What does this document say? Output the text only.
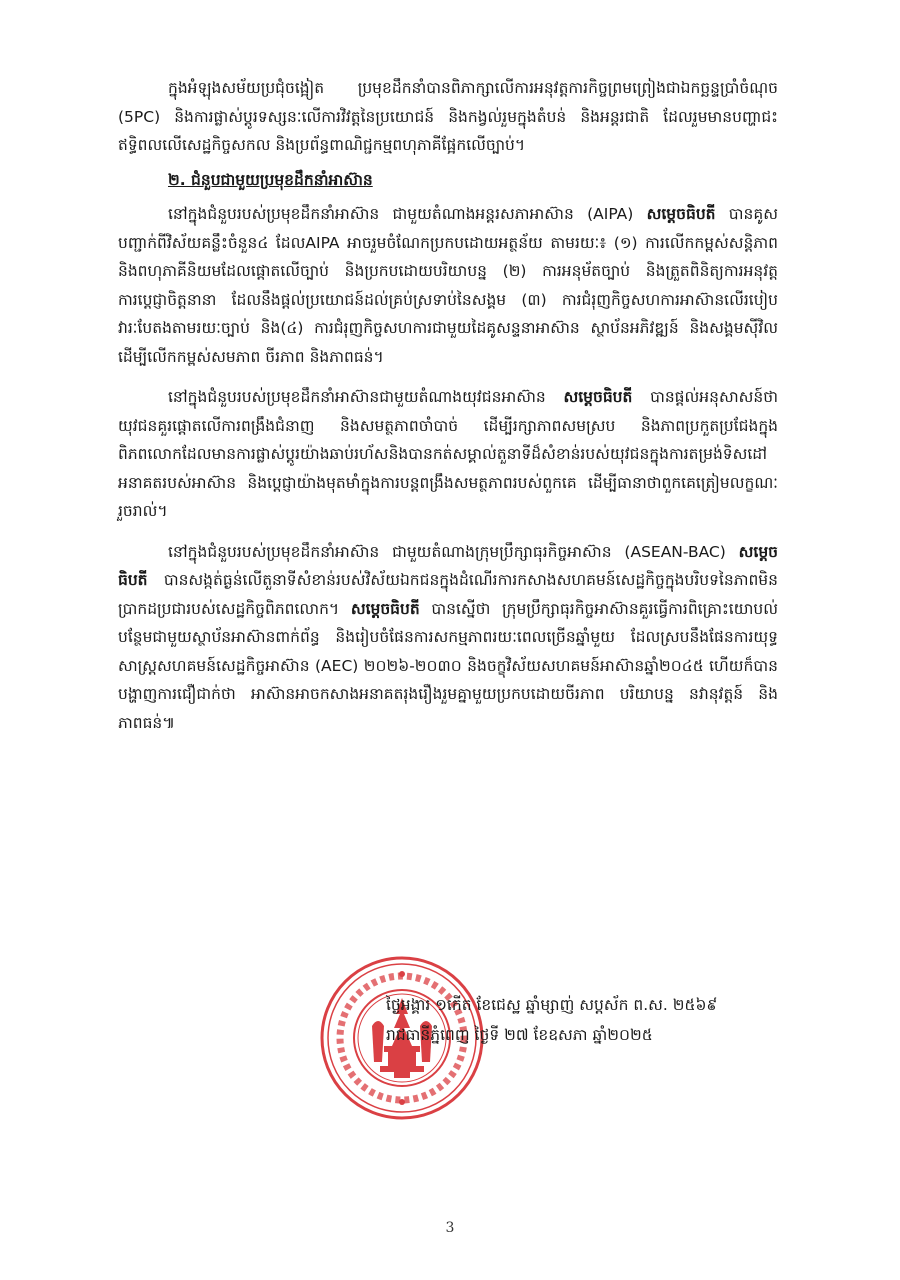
ក្នុងអំឡុងសម័យប្រជុំចង្អៀត ប្រមុខដឹកនាំបានពិភាក្សាលើការអនុវត្តការកិច្ចព្រមព្រៀងជាឯកច្ឆន្ទប្រាំចំណុច (5PC) និងការផ្លាស់ប្តូរទស្សនៈលើការវិវត្តនៃប្រយោជន៍ និងកង្វល់រួមក្នុងតំបន់ និងអន្តរជាតិ ដែលរួមមានបញ្ហាជះឥទ្ធិពលលើសេដ្ឋកិច្ចសកល និងប្រព័ន្ធពាណិជ្ជកម្មពហុភាគីផ្អែកលើច្បាប់។

២. ជំនួបជាមួយប្រមុខដឹកនាំអាស៊ាន

នៅក្នុងជំនួបរបស់ប្រមុខដឹកនាំអាស៊ាន ជាមួយតំណាងអន្តរសភាអាស៊ាន (AIPA) សម្តេចធិបតី បានគូសបញ្ជាក់ពីវិស័យគន្លឹះចំនួន៤ ដែលAIPA អាចរួមចំណែកប្រកបដោយអត្ថន័យ តាមរយៈ៖ (១) ការលើកកម្ពស់សន្តិភាព និងពហុភាគីនិយមដែលផ្តោតលើច្បាប់ និងប្រកបដោយបរិយាបន្ន (២) ការអនុម័តច្បាប់ និងត្រួតពិនិត្យការអនុវត្តការប្តេជ្ញាចិត្តនានា ដែលនឹងផ្តល់ប្រយោជន៍ដល់គ្រប់ស្រទាប់នៃសង្គម (៣) ការជំរុញកិច្ចសហការអាស៊ានលើរបៀបវារៈបែតងតាមរយៈច្បាប់ និង(៤) ការជំរុញកិច្ចសហការជាមួយដៃគូសន្ទនាអាស៊ាន ស្ថាប័នអភិវឌ្ឍន៍ និងសង្គមស៊ីវិល ដើម្បីលើកកម្ពស់សមភាព ចីរភាព និងភាពធន់។

នៅក្នុងជំនួបរបស់ប្រមុខដឹកនាំអាស៊ានជាមួយតំណាងយុវជនអាស៊ាន សម្តេចធិបតី បានផ្តល់អនុសាសន៍ថា យុវជនគួរផ្តោតលើការពង្រឹងជំនាញ និងសមត្ថភាពចាំបាច់ ដើម្បីរក្សាភាពសមស្រប និងភាពប្រកួតប្រជែងក្នុងពិភពលោកដែលមានការផ្លាស់ប្តូរយ៉ាងឆាប់រហ័សនិងបានកត់សម្គាល់តួនាទីដ៏សំខាន់របស់យុវជនក្នុងការតម្រង់ទិសដៅអនាគតរបស់អាស៊ាន និងប្តេជ្ញាយ៉ាងមុតមាំក្នុងការបន្តពង្រឹងសមត្ថភាពរបស់ពួកគេ ដើម្បីធានាថាពួកគេត្រៀមលក្ខណៈរួចរាល់។

នៅក្នុងជំនួបរបស់ប្រមុខដឹកនាំអាស៊ាន ជាមួយតំណាងក្រុមប្រឹក្សាធុរកិច្ចអាស៊ាន (ASEAN-BAC) សម្តេចធិបតី បានសង្កត់ធ្ងន់លើតួនាទីសំខាន់របស់វិស័យឯកជនក្នុងដំណើរការកសាងសហគមន៍សេដ្ឋកិច្ចក្នុងបរិបទនៃភាពមិនប្រាកដប្រជារបស់សេដ្ឋកិច្ចពិភពលោក។ សម្តេចធិបតី បានស្នើថា ក្រុមប្រឹក្សាធុរកិច្ចអាស៊ានគួរធ្វើការពិគ្រោះយោបល់បន្ថែមជាមួយស្ថាប័នអាស៊ានពាក់ព័ន្ធ និងរៀបចំផែនការសកម្មភាពរយៈពេលច្រើនឆ្នាំមួយ ដែលស្របនឹងផែនការយុទ្ធសាស្ត្រសហគមន៍សេដ្ឋកិច្ចអាស៊ាន (AEC) ២០២៦-២០៣០ និងចក្ខុវិស័យសហគមន៍អាស៊ានឆ្នាំ២០៤៥ ហើយក៏បានបង្ហាញការជឿជាក់ថា អាស៊ានអាចកសាងអនាគតរុងរឿងរួមគ្នាមួយប្រកបដោយចីរភាព បរិយាបន្ន នវានុវត្តន៍ និងភាពធន់៕

ថ្ងៃអង្គារ ១កើត ខែជេស្ឋ ឆ្នាំម្សាញ់ សប្តស័ក ព.ស. ២៥៦៩
រាជធានីភ្នំពេញ ថ្ងៃទី ២៧ ខែឧសភា ឆ្នាំ២០២៥
3
